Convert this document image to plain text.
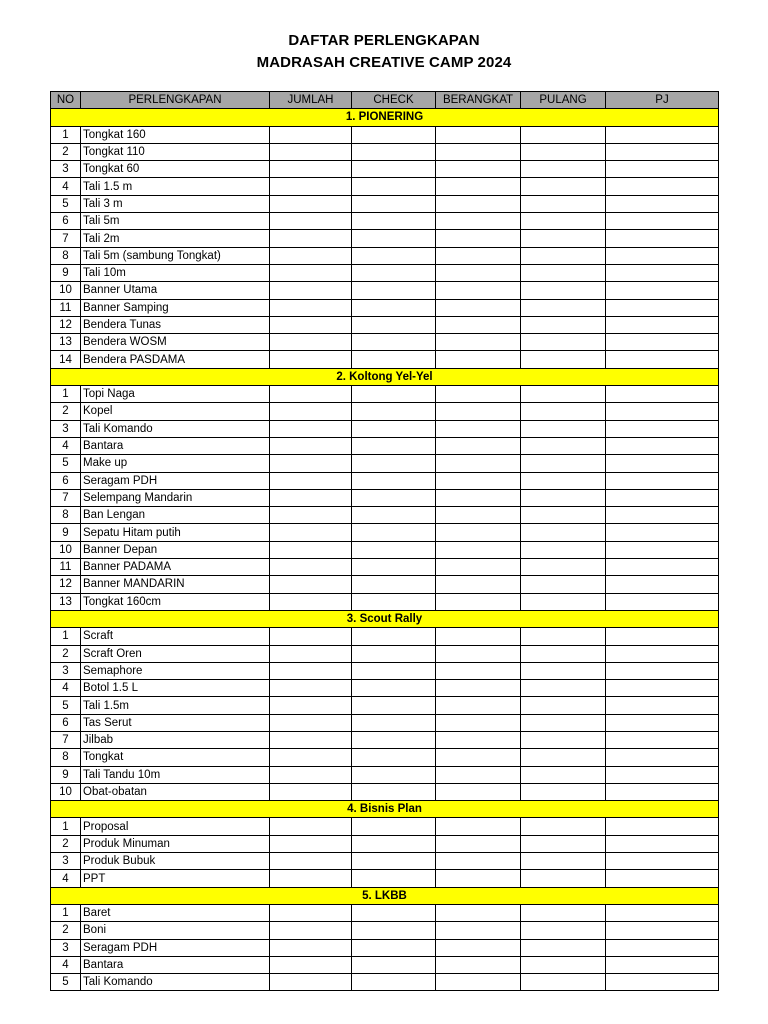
DAFTAR PERLENGKAPAN
MADRASAH CREATIVE CAMP 2024
NO	PERLENGKAPAN	JUMLAH	CHECK	BERANGKAT	PULANG	PJ
1. PIONERING						
1	Tongkat 160					
2	Tongkat 110					
3	Tongkat 60					
4	Tali 1.5 m					
5	Tali 3 m					
6	Tali 5m					
7	Tali 2m					
8	Tali 5m (sambung Tongkat)					
9	Tali 10m					
10	Banner Utama					
11	Banner Samping					
12	Bendera Tunas					
13	Bendera WOSM					
14	Bendera PASDAMA					
2. Koltong Yel-Yel						
1	Topi Naga					
2	Kopel					
3	Tali Komando					
4	Bantara					
5	Make up					
6	Seragam PDH					
7	Selempang Mandarin					
8	Ban Lengan					
9	Sepatu Hitam putih					
10	Banner Depan					
11	Banner PADAMA					
12	Banner MANDARIN					
13	Tongkat 160cm					
3. Scout Rally						
1	Scraft					
2	Scraft Oren					
3	Semaphore					
4	Botol 1.5 L					
5	Tali 1.5m					
6	Tas Serut					
7	Jilbab					
8	Tongkat					
9	Tali Tandu 10m					
10	Obat-obatan					
4. Bisnis Plan						
1	Proposal					
2	Produk Minuman					
3	Produk Bubuk					
4	PPT					
5. LKBB						
1	Baret					
2	Boni					
3	Seragam PDH					
4	Bantara					
5	Tali Komando					
